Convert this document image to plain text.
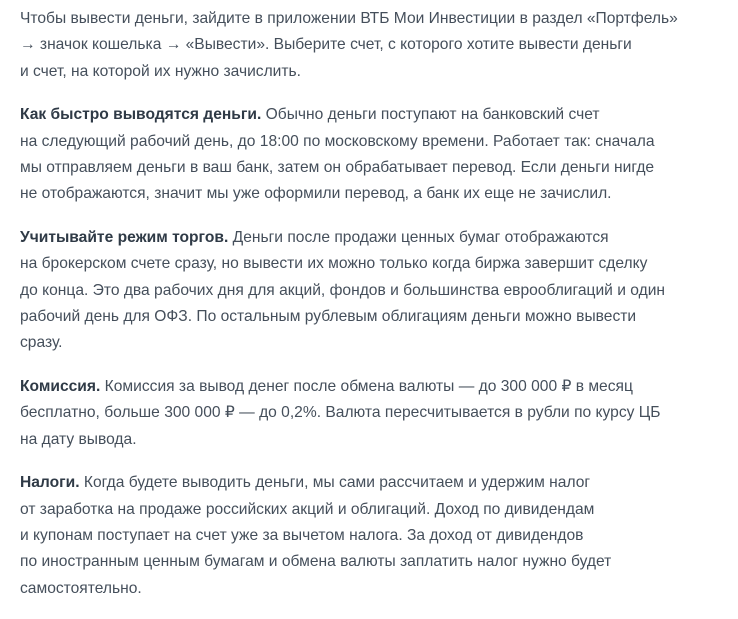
Чтобы вывести деньги, зайдите в приложении ВТБ Мои Инвестиции в раздел «Портфель»
→ значок кошелька → «Вывести». Выберите счет, с которого хотите вывести деньги
и счет, на которой их нужно зачислить.

Как быстро выводятся деньги. Обычно деньги поступают на банковский счет
на следующий рабочий день, до 18:00 по московскому времени. Работает так: сначала
мы отправляем деньги в ваш банк, затем он обрабатывает перевод. Если деньги нигде
не отображаются, значит мы уже оформили перевод, а банк их еще не зачислил.

Учитывайте режим торгов. Деньги после продажи ценных бумаг отображаются
на брокерском счете сразу, но вывести их можно только когда биржа завершит сделку
до конца. Это два рабочих дня для акций, фондов и большинства еврооблигаций и один
рабочий день для ОФЗ. По остальным рублевым облигациям деньги можно вывести
сразу.

Комиссия. Комиссия за вывод денег после обмена валюты — до 300 000 ₽ в месяц
бесплатно, больше 300 000 ₽ — до 0,2%. Валюта пересчитывается в рубли по курсу ЦБ
на дату вывода.

Налоги. Когда будете выводить деньги, мы сами рассчитаем и удержим налог
от заработка на продаже российских акций и облигаций. Доход по дивидендам
и купонам поступает на счет уже за вычетом налога. За доход от дивидендов
по иностранным ценным бумагам и обмена валюты заплатить налог нужно будет
самостоятельно.
